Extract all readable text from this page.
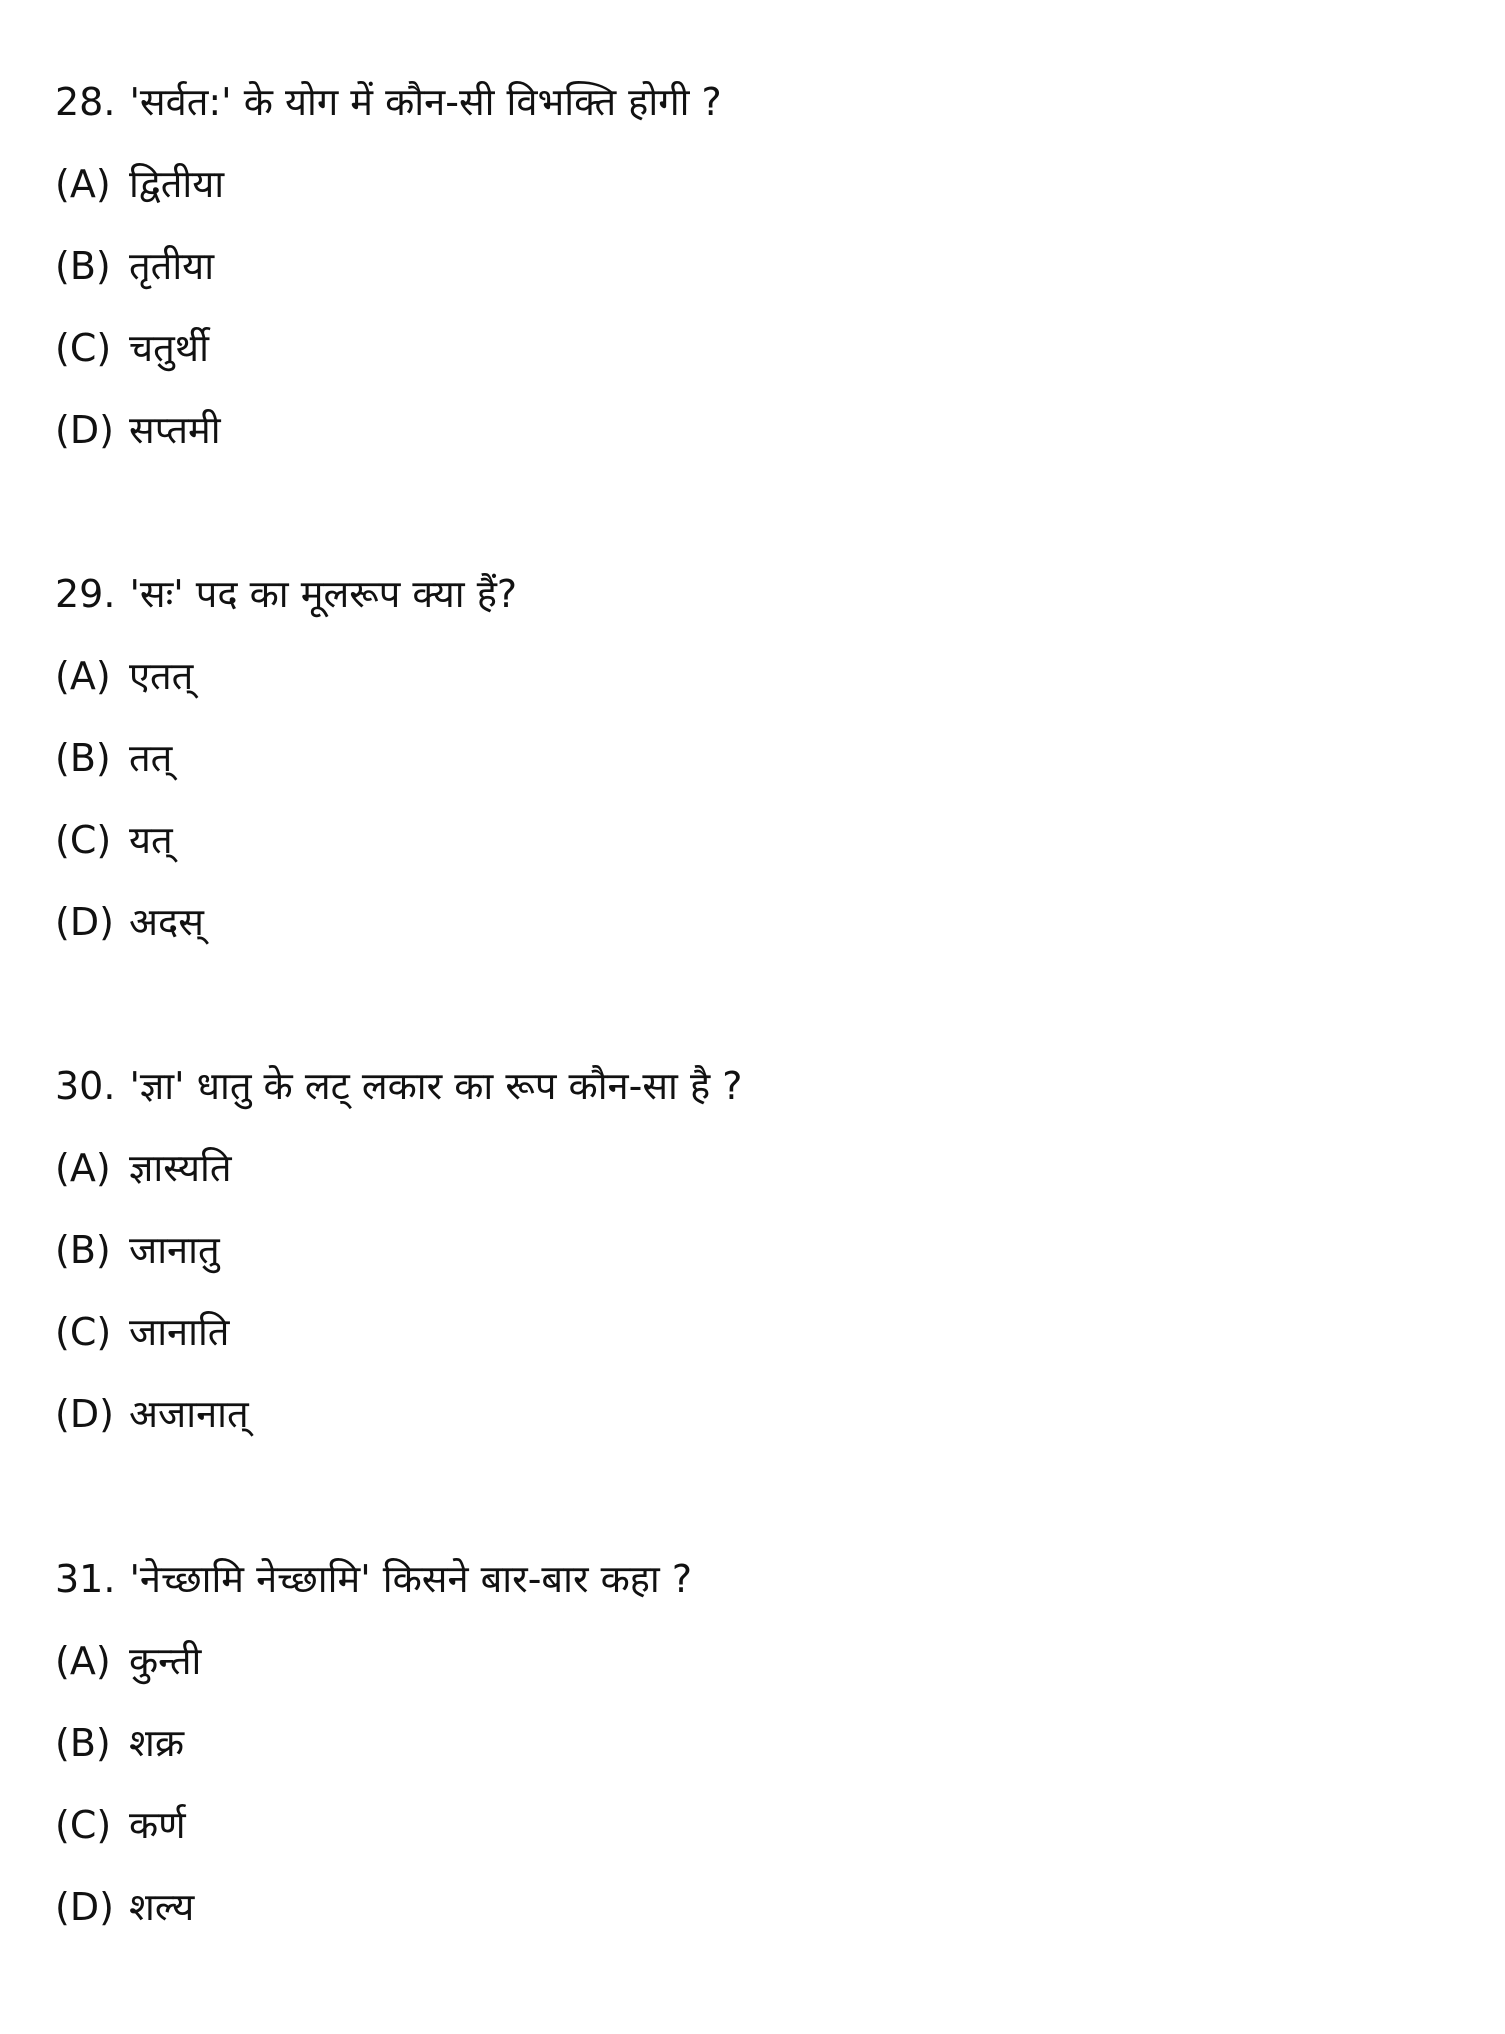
28. 'सर्वत:' के योग में कौन-सी विभक्ति होगी ?
(A) द्वितीया
(B) तृतीया
(C) चतुर्थी
(D) सप्तमी
29. 'सः' पद का मूलरूप क्या हैं?
(A) एतत्
(B) तत्
(C) यत्
(D) अदस्
30. 'ज्ञा' धातु के लट् लकार का रूप कौन-सा है ?
(A) ज्ञास्यति
(B) जानातु
(C) जानाति
(D) अजानात्
31. 'नेच्छामि नेच्छामि' किसने बार-बार कहा ?
(A) कुन्ती
(B) शक्र
(C) कर्ण
(D) शल्य
